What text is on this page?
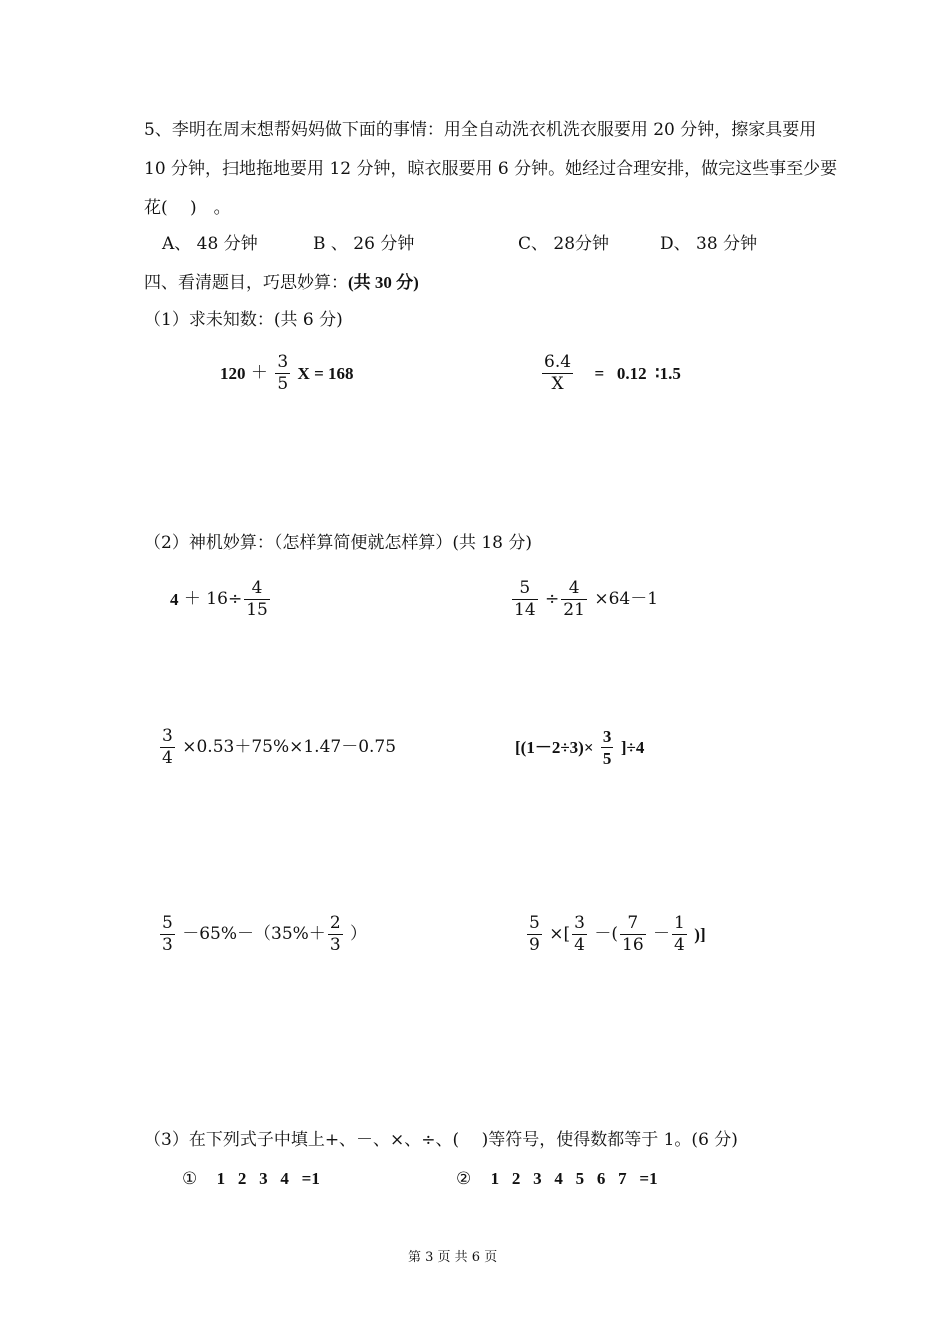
5、李明在周末想帮妈妈做下面的事情：用全自动洗衣机洗衣服要用 20 分钟，擦家具要用
10 分钟，扫地拖地要用 12 分钟，晾衣服要用 6 分钟。她经过合理安排，做完这些事至少要
花(　 )　。
A、 48 分钟	B 、 26 分钟	C、 28分钟	D、 38 分钟
四、看清题目，巧思妙算：(共 30 分)
（1）求未知数：(共 6 分)
$120 + \frac{3}{5}$ X = 168	$\frac{6.4}{X} = 0.12$  ∶1.5
（2）神机妙算：（怎样算简便就怎样算）(共 18 分)
$4 + 16\div \frac{4}{15}$	$\frac{5}{14} \div \frac{4}{21} \times 64-1$
$\frac{3}{4} \times 0.53+75\%\times 1.47-0.75$	$[(1-2\div 3)\times \frac{3}{5} ]\div 4$
$\frac{5}{3} -65\%-(35\%+ \frac{2}{3}$ ）	$\frac{5}{9}$ ×[ $\frac{3}{4}$ －( $\frac{7}{16} - \frac{1}{4}$ )]
（3）在下列式子中填上+、－、×、÷、(　 )等符号，使得数都等于 1。(6 分)
① 1   2   3   4   =1	② 1   2   3   4   5   6   7   =1
第 3 页 共 6 页
